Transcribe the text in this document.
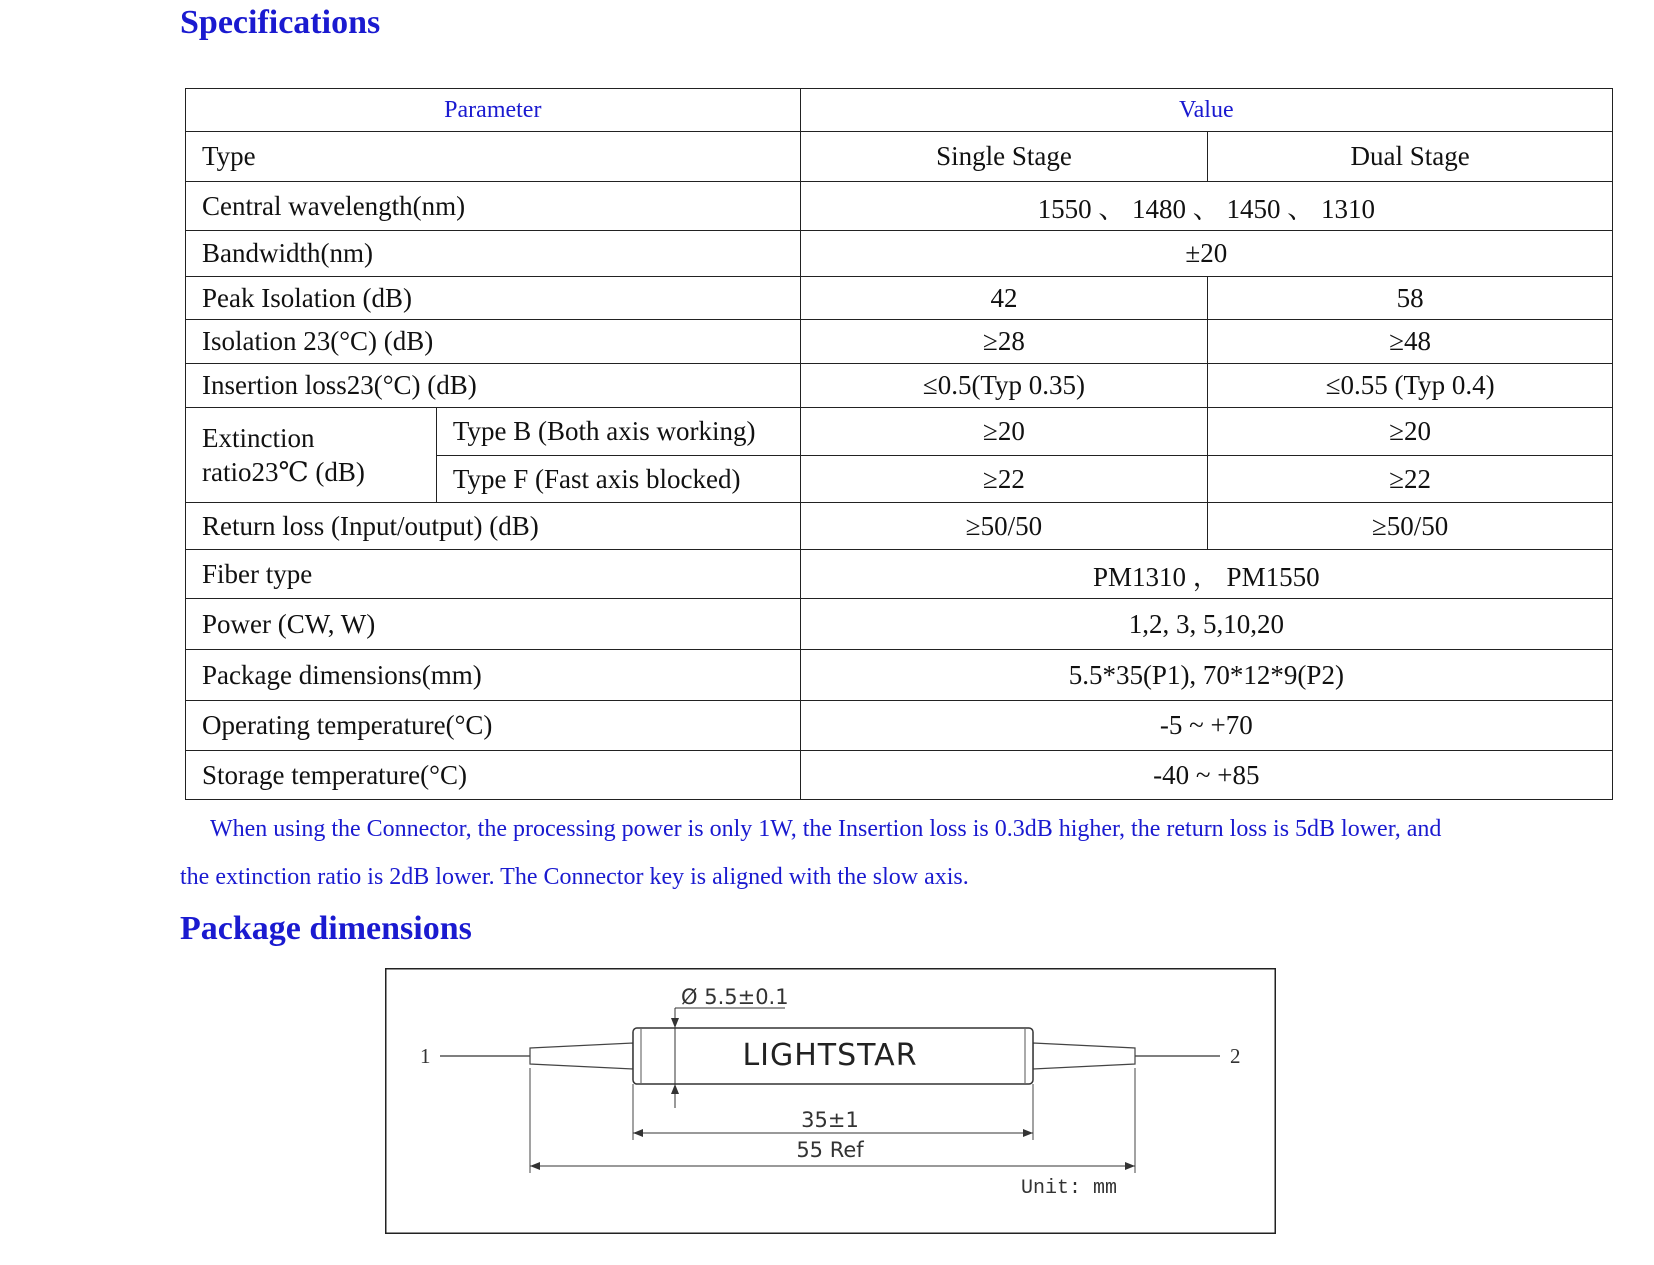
Specifications
Parameter		Value	
Type		Single Stage	Dual Stage
Central wavelength(nm)		1550 、 1480 、 1450 、 1310	
Bandwidth(nm)		±20	
Peak Isolation (dB)		42	58
Isolation 23(°C) (dB)		≥28	≥48
Insertion loss23(°C) (dB)		≤0.5(Typ 0.35)	≤0.55 (Typ 0.4)
Extinction
ratio23℃ (dB)	Type B (Both axis working)	≥20	≥20
	Type F (Fast axis blocked)	≥22	≥22
Return loss (Input/output) (dB)		≥50/50	≥50/50
Fiber type		PM1310 ， PM1550	
Power (CW, W)		1,2, 3, 5,10,20	
Package dimensions(mm)		5.5*35(P1), 70*12*9(P2)	
Operating temperature(°C)		-5 ~ +70	
Storage temperature(°C)		-40 ~ +85	
When using the Connector, the processing power is only 1W, the Insertion loss is 0.3dB higher, the return loss is 5dB lower, and
the extinction ratio is 2dB lower. The Connector key is aligned with the slow axis.
Package dimensions
Ø 5.5±0.1
LIGHTSTAR
1	2
35±1
55 Ref
Unit: mm
